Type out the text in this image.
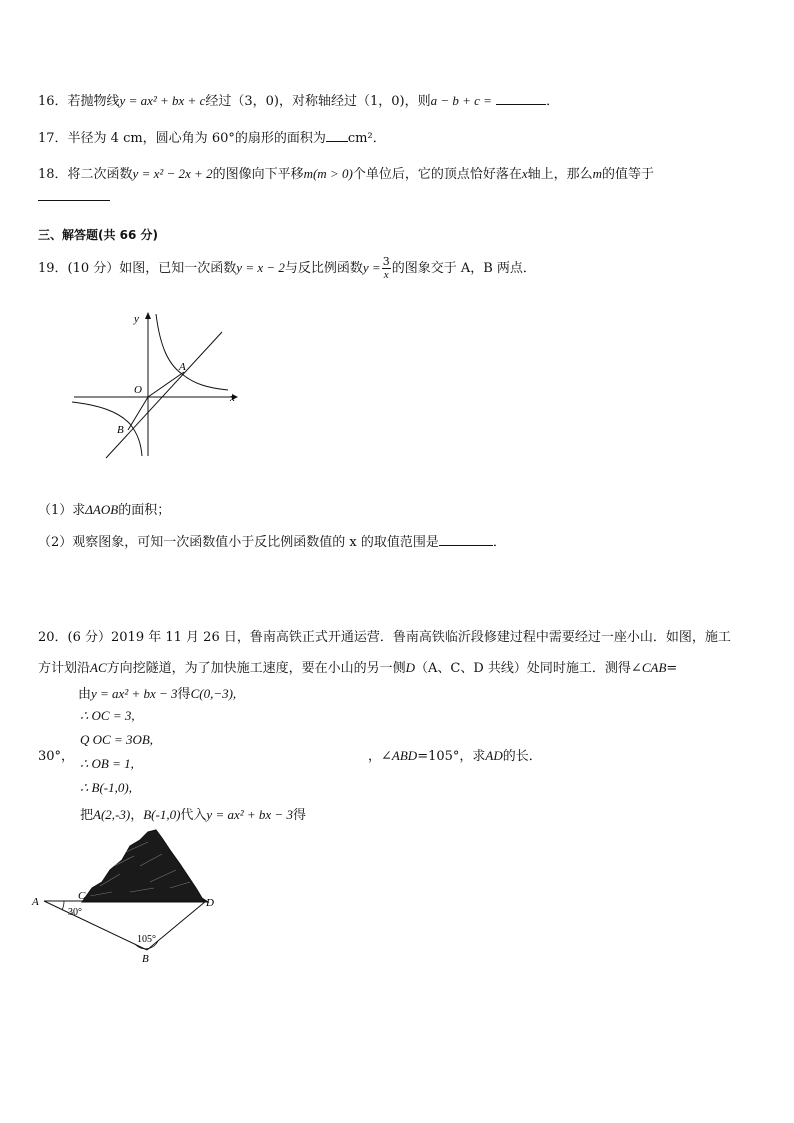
16．若抛物线y = ax² + bx + c经过（3，0)，对称轴经过（1，0)，则a − b + c =	．
17．半径为 4 cm，圆心角为 60°的扇形的面积为 cm²．
18．将二次函数y = x² − 2x + 2的图像向下平移m(m > 0)个单位后，它的顶点恰好落在x轴上，那么m的值等于
三、解答题(共 66 分)
19．(10 分）如图，已知一次函数y = x − 2与反比例函数$y = \frac{3}{x}$ 的图象交于 A，B 两点．
y
x
O
A
B
（1）求ΔAOB的面积；
（2）观察图象，可知一次函数值小于反比例函数值的 x 的取值范围是	．
20．(6 分）2019 年 11 月 26 日，鲁南高铁正式开通运营．鲁南高铁临沂段修建过程中需要经过一座小山．如图，施工
方计划沿AC方向挖隧道，为了加快施工速度，要在小山的另一侧D（A、C、D 共线）处同时施工．测得∠CAB=
30°，	，∠ABD=105°，求AD的长．
由y = ax² + bx − 3得C(0,−3),
∴ OC = 3,
Q OC = 3OB,
∴ OB = 1,
∴ B(-1,0),
把A(2,-3)，B(-1,0)代入y = ax² + bx − 3得
A	C
D
B
30°
105°
